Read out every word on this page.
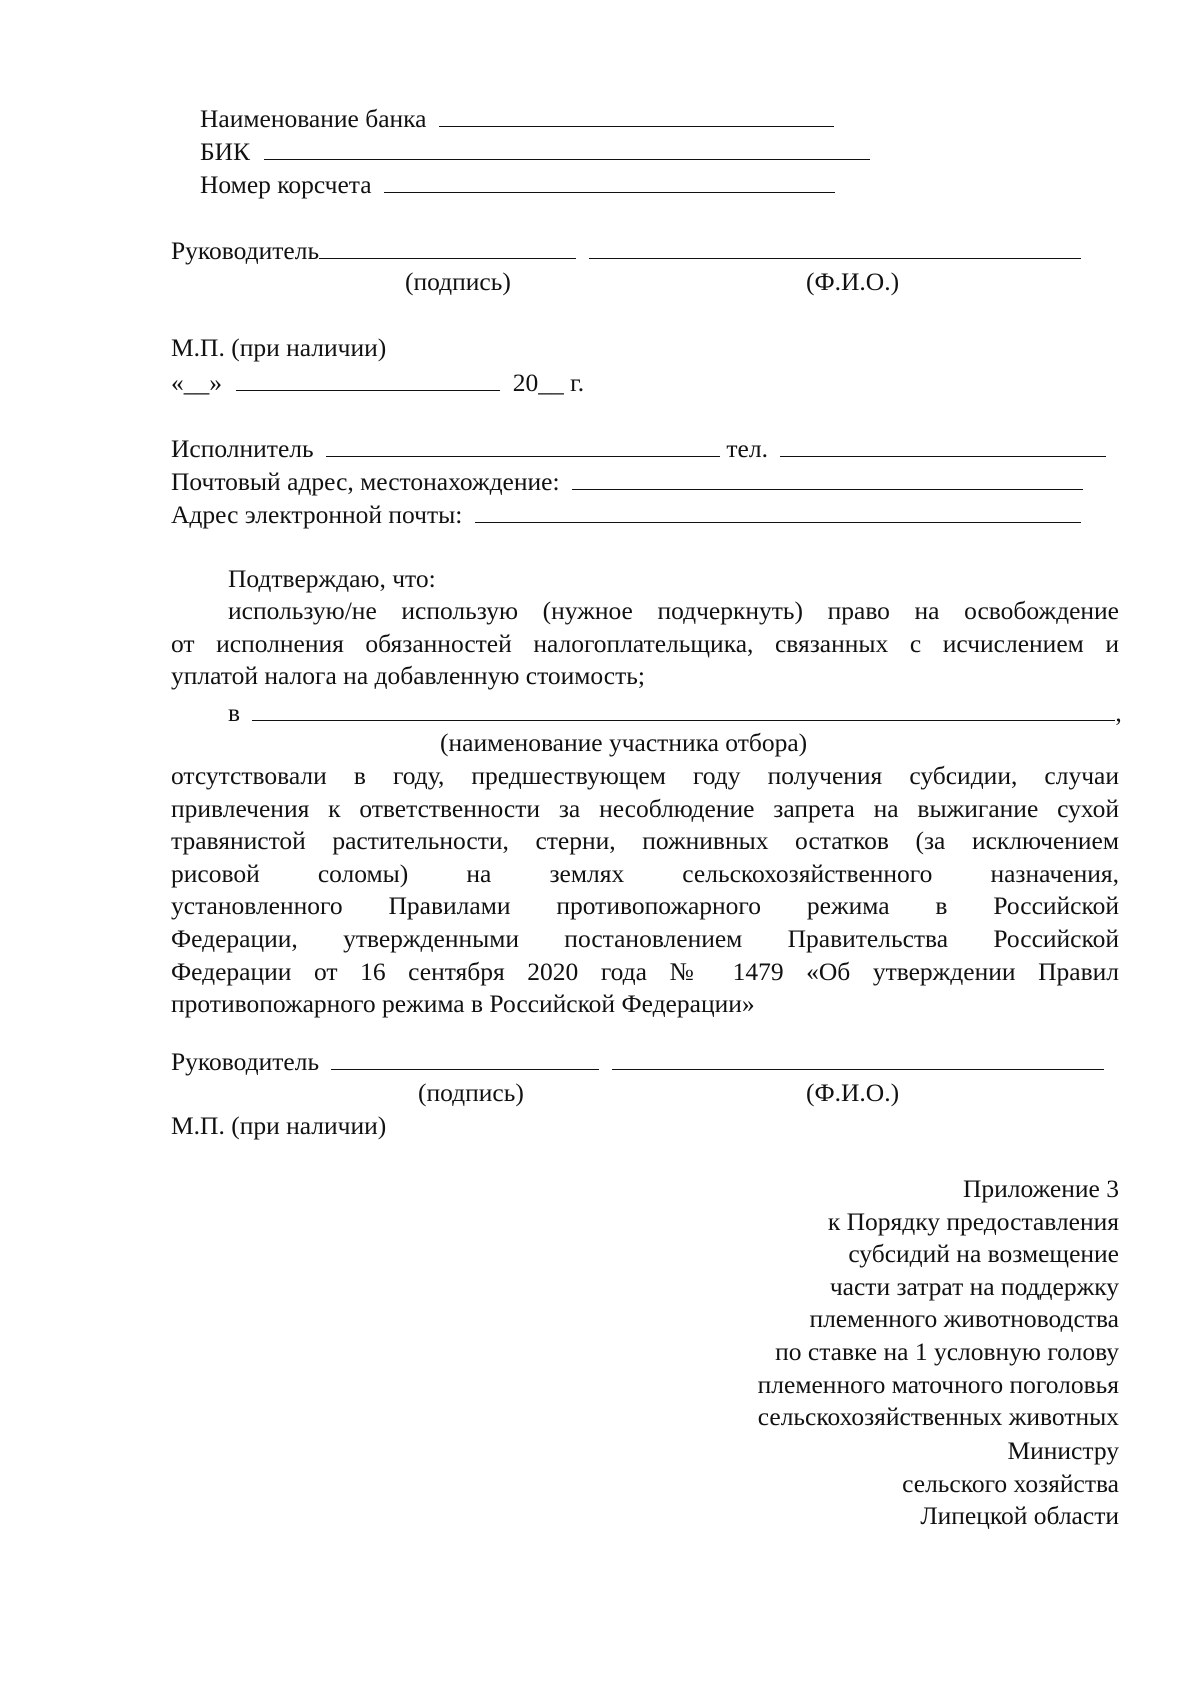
Наименование банка
БИК
Номер корсчета
Руководитель
(подпись)	(Ф.И.О.)
М.П. (при наличии)
«__»	20__ г.
Исполнитель	тел.
Почтовый адрес, местонахождение:
Адрес электронной почты:
Подтверждаю, что:
использую/не использую (нужное подчеркнуть) право на освобождение
от исполнения обязанностей налогоплательщика, связанных с исчислением и
уплатой налога на добавленную стоимость;
в	,
(наименование участника отбора)
отсутствовали в году, предшествующем году получения субсидии, случаи
привлечения к ответственности за несоблюдение запрета на выжигание сухой
травянистой растительности, стерни, пожнивных остатков (за исключением
рисовой соломы) на землях сельскохозяйственного назначения,
установленного Правилами противопожарного режима в Российской
Федерации, утвержденными постановлением Правительства Российской
Федерации от 16 сентября 2020 года № 1479 «Об утверждении Правил
противопожарного режима в Российской Федерации»
Руководитель
(подпись)	(Ф.И.О.)
М.П. (при наличии)
Приложение 3
к Порядку предоставления
субсидий на возмещение
части затрат на поддержку
племенного животноводства
по ставке на 1 условную голову
племенного маточного поголовья
сельскохозяйственных животных
Министру
сельского хозяйства
Липецкой области
